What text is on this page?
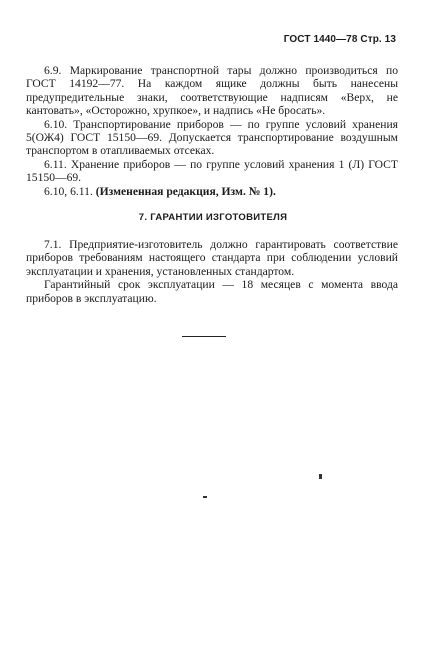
ГОСТ 1440—78 Стр. 13

6.9. Маркирование транспортной тары должно производиться по ГОСТ 14192—77. На каждом ящике должны быть нанесены предупредительные знаки, соответствующие надписям «Верх, не кантовать», «Осторожно, хрупкое», и надпись «Не бросать».

6.10. Транспортирование приборов — по группе условий хранения 5(ОЖ4) ГОСТ 15150—69. Допускается транспортирование воздушным транспортом в отапливаемых отсеках.

6.11. Хранение приборов — по группе условий хранения 1 (Л) ГОСТ 15150—69.

6.10, 6.11. (Измененная редакция, Изм. № 1).

7. ГАРАНТИИ ИЗГОТОВИТЕЛЯ

7.1. Предприятие-изготовитель должно гарантировать соответствие приборов требованиям настоящего стандарта при соблюдении условий эксплуатации и хранения, установленных стандартом.

Гарантийный срок эксплуатации — 18 месяцев с момента ввода приборов в эксплуатацию.
